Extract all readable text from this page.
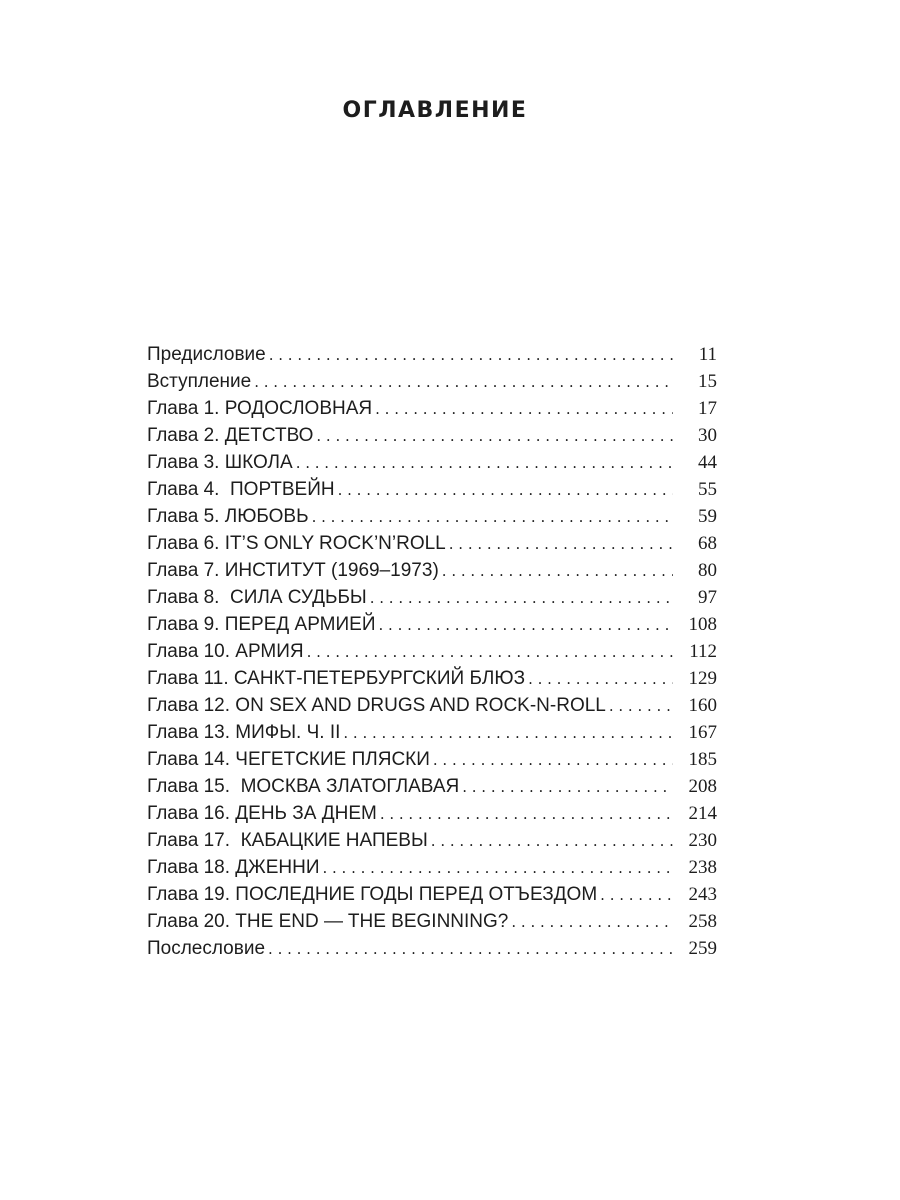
ОГЛАВЛЕНИЕ
Предисловие . . .	11
Вступление . . .	15
Глава 1. РОДОСЛОВНАЯ . . .	17
Глава 2. ДЕТСТВО . . .	30
Глава 3. ШКОЛА . . .	44
Глава 4.  ПОРТВЕЙН . . .	55
Глава 5. ЛЮБОВЬ . . .	59
Глава 6. IT’S ONLY ROCK’N’ROLL . . .	68
Глава 7. ИНСТИТУТ (1969–1973) . . .	80
Глава 8.  СИЛА СУДЬБЫ . . .	97
Глава 9. ПЕРЕД АРМИЕЙ . . .	108
Глава 10. АРМИЯ . . .	112
Глава 11. САНКТ-ПЕТЕРБУРГСКИЙ БЛЮЗ . . .	129
Глава 12. ON SEX AND DRUGS AND ROCK-N-ROLL . . .	160
Глава 13. МИФЫ. Ч. II . . .	167
Глава 14. ЧЕГЕТСКИЕ ПЛЯСКИ . . .	185
Глава 15.  МОСКВА ЗЛАТОГЛАВАЯ . . .	208
Глава 16. ДЕНЬ ЗА ДНЕМ . . .	214
Глава 17.  КАБАЦКИЕ НАПЕВЫ . . .	230
Глава 18. ДЖЕННИ . . .	238
Глава 19. ПОСЛЕДНИЕ ГОДЫ ПЕРЕД ОТЪЕЗДОМ . . .	243
Глава 20. THE END — THE BEGINNING? . . .	258
Послесловие . . .	259
